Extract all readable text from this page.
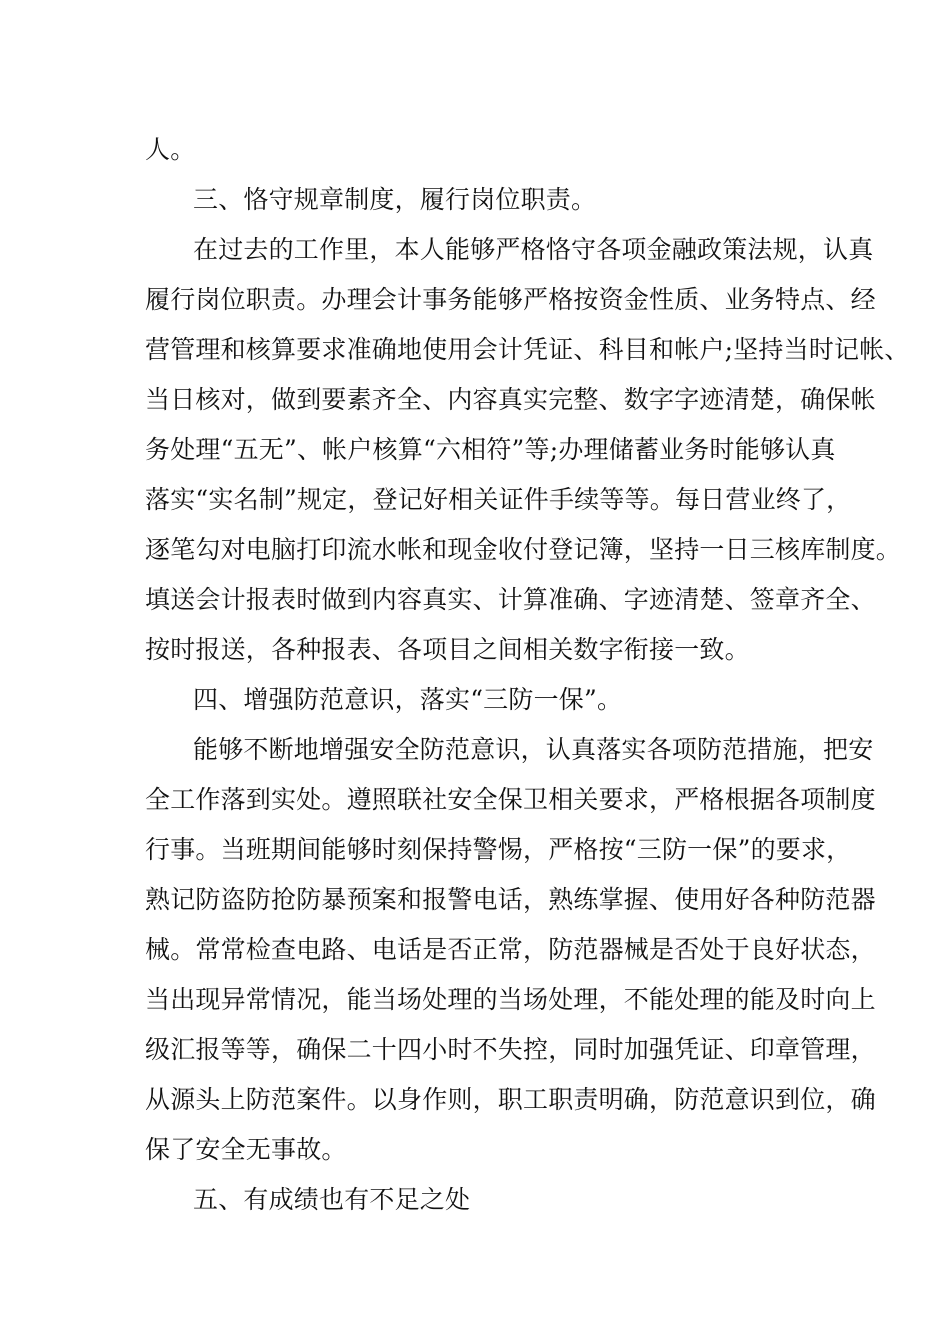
人。
三、恪守规章制度，履行岗位职责。
在过去的工作里，本人能够严格恪守各项金融政策法规，认真
履行岗位职责。办理会计事务能够严格按资金性质、业务特点、经
营管理和核算要求准确地使用会计凭证、科目和帐户;坚持当时记帐、
当日核对，做到要素齐全、内容真实完整、数字字迹清楚，确保帐
务处理“五无”、帐户核算“六相符”等;办理储蓄业务时能够认真
落实“实名制”规定，登记好相关证件手续等等。每日营业终了，
逐笔勾对电脑打印流水帐和现金收付登记簿，坚持一日三核库制度。
填送会计报表时做到内容真实、计算准确、字迹清楚、签章齐全、
按时报送，各种报表、各项目之间相关数字衔接一致。
四、增强防范意识，落实“三防一保”。
能够不断地增强安全防范意识，认真落实各项防范措施，把安
全工作落到实处。遵照联社安全保卫相关要求，严格根据各项制度
行事。当班期间能够时刻保持警惕，严格按“三防一保”的要求，
熟记防盗防抢防暴预案和报警电话，熟练掌握、使用好各种防范器
械。常常检查电路、电话是否正常，防范器械是否处于良好状态，
当出现异常情况，能当场处理的当场处理，不能处理的能及时向上
级汇报等等，确保二十四小时不失控，同时加强凭证、印章管理，
从源头上防范案件。以身作则，职工职责明确，防范意识到位，确
保了安全无事故。
五、有成绩也有不足之处
